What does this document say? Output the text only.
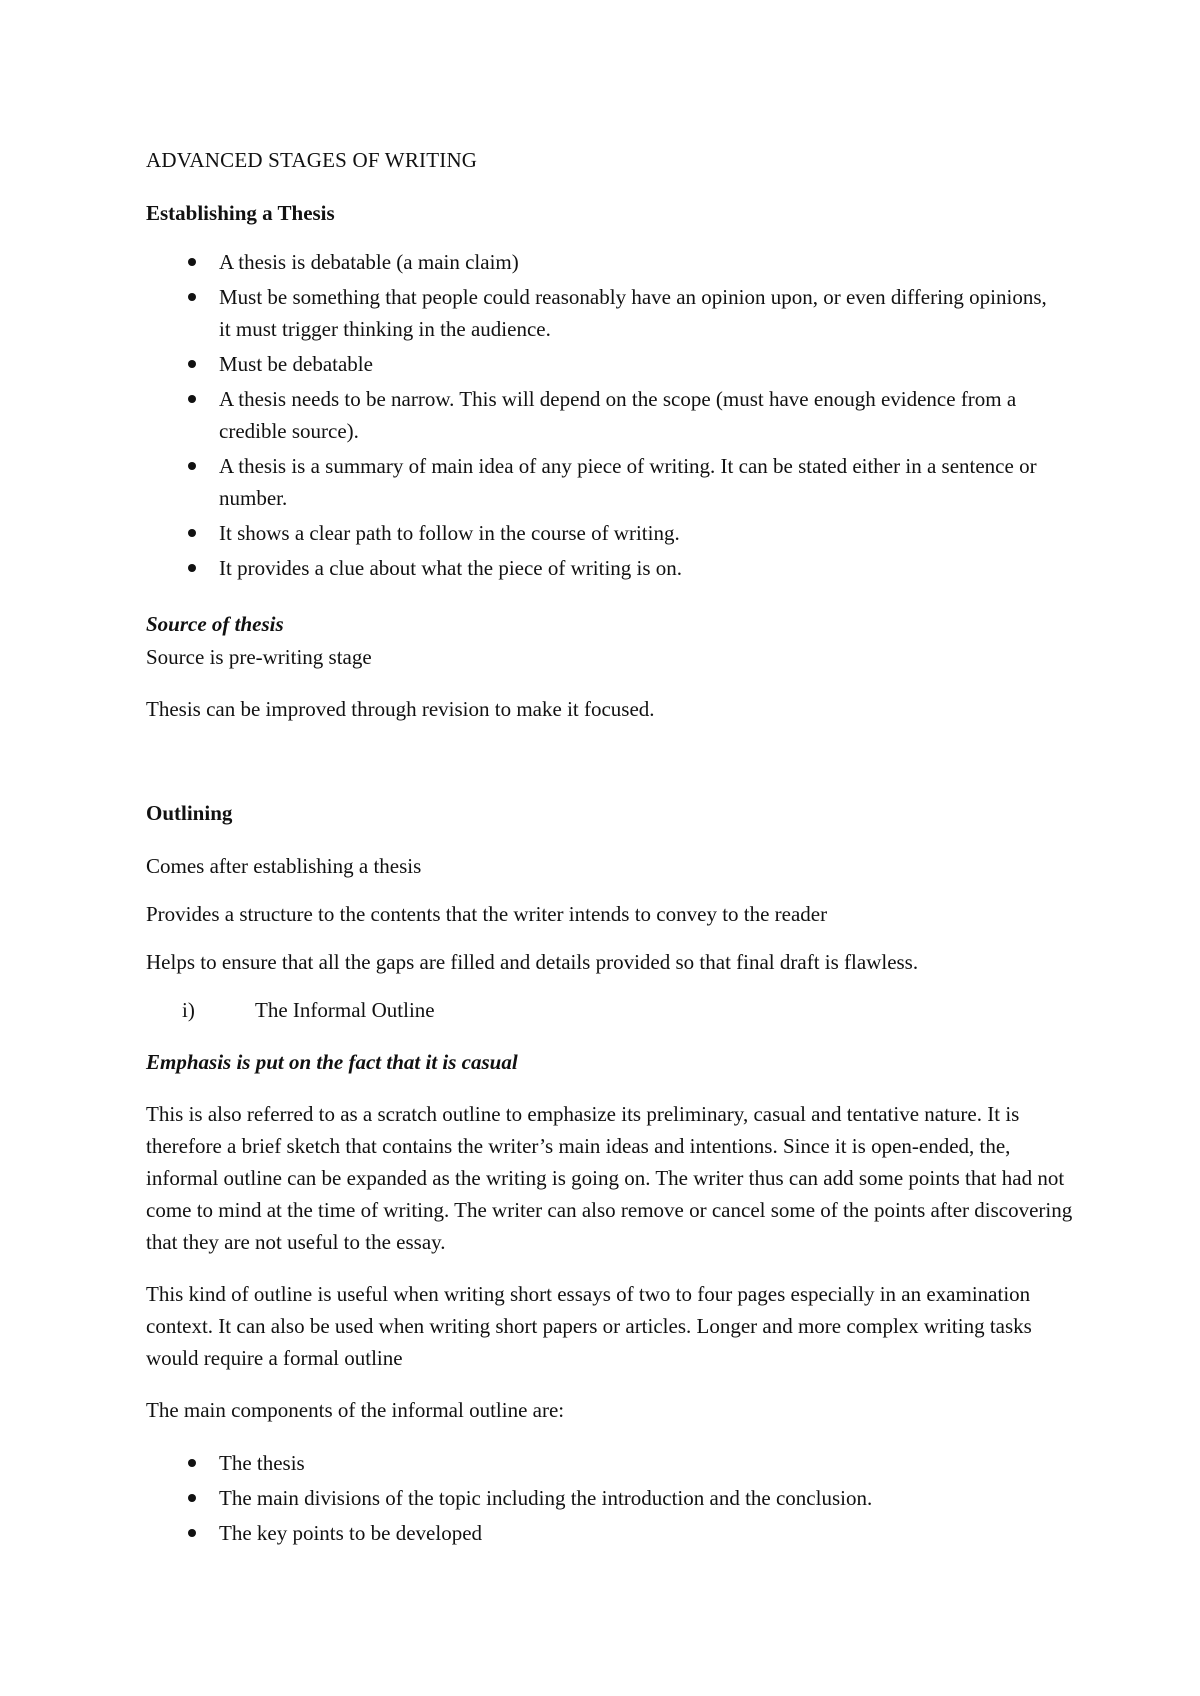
ADVANCED STAGES OF WRITING
Establishing a Thesis
A thesis is debatable (a main claim)
Must be something that people could reasonably have an opinion upon, or even differing opinions, it must trigger thinking in the audience.
Must be debatable
A thesis needs to be narrow. This will depend on the scope (must have enough evidence from a credible source).
A thesis is a summary of main idea of any piece of writing. It can be stated either in a sentence or number.
It shows a clear path to follow in the course of writing.
It provides a clue about what the piece of writing is on.
Source of thesis
Source is pre-writing stage
Thesis can be improved through revision to make it focused.
Outlining
Comes after establishing a thesis
Provides a structure to the contents that the writer intends to convey to the reader
Helps to ensure that all the gaps are filled and details provided so that final draft is flawless.
i)	The Informal Outline
Emphasis is put on the fact that it is casual
This is also referred to as a scratch outline to emphasize its preliminary, casual and tentative nature. It is therefore a brief sketch that contains the writer’s main ideas and intentions. Since it is open-ended, the, informal outline can be expanded as the writing is going on. The writer thus can add some points that had not come to mind at the time of writing. The writer can also remove or cancel some of the points after discovering that they are not useful to the essay.
This kind of outline is useful when writing short essays of two to four pages especially in an examination context. It can also be used when writing short papers or articles. Longer and more complex writing tasks would require a formal outline
The main components of the informal outline are:
The thesis
The main divisions of the topic including the introduction and the conclusion.
The key points to be developed
